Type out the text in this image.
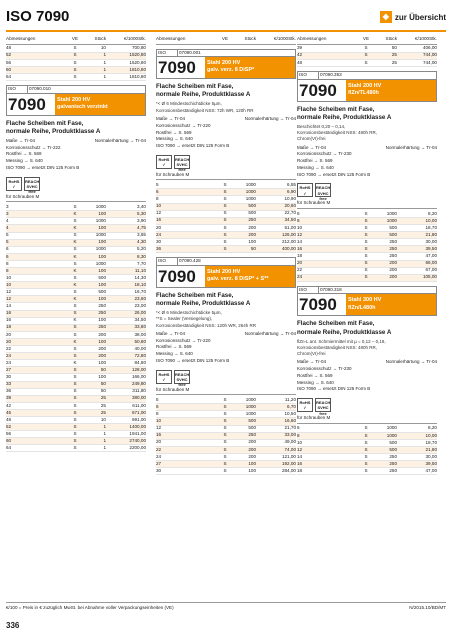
ISO 7090	◆ zur Übersicht
Abmessungen	VE	Stück	€/1000Stk.
48	S	10	700,80
52	S	1	1520,80
56	S	1	1520,80
60	S	1	1810,80
64	S	1	1810,80
ISO	07090.010
7090	Stahl 200 HV
galvanisch verzinkt
Flache Scheiben mit Fase,
normale Reihe, Produktklasse A
Maße → Tr-04	Normalerhärtung → Tr-04
Korrosionsschutz → Tr-222
Rostfrei → S. 569
Messing → S. 640
ISO 7090 → ersetzt DIN 125 Form B
RoHS ✓
REACH SVHC free
für Schrauben M
3	S	1000	3,40
3	K	100	5,30
4	S	1000	3,90
4	K	100	4,75
5	S	1000	3,65
5	K	100	4,30
6	S	1000	5,20
6	K	100	8,30
8	S	1000	7,70
8	K	100	11,10
10	S	500	14,30
10	K	100	18,10
12	S	500	16,70
12	K	100	23,60
14	S	250	23,00
16	S	250	26,00
16	K	100	34,50
18	S	250	33,80
20	S	200	38,00
20	K	100	50,80
22	S	200	40,00
24	S	200	72,80
24	K	100	84,80
27	S	50	128,00
30	S	100	166,00
33	S	50	249,80
36	S	50	311,80
39	S	25	380,00
42	S	25	611,00
45	S	25	671,00
48	S	10	691,00
52	S	1	1400,00
56	S	1	1941,00
60	S	1	2740,00
64	S	1	2200,00
Abmessungen	VE	Stück	€/1000Stk.
ISO	07090.001
7090	Stahl 200 HV
galv. verz. 8 DiSP*
Flache Scheiben mit Fase,
normale Reihe, Produktklasse A
*< Ø 6 Mindestschichtdicke 5µm,
Korrosionsbeständigkeit NSS: 72h WR, 120h RR
Maße → Tr-04	Normalerhärtung → Tr-04
Korrosionsschutz → Tr-220
Rostfrei → S. 569
Messing → S. 640
ISO 7090 → ersetzt DIN 125 Form B
RoHS ✓
REACH SVHC free
für Schrauben M
5	S	1000	6,55
6	S	1000	6,90
8	S	1000	10,90
10	S	500	20,60
12	S	500	22,70
16	S	250	34,50
20	S	200	51,00
24	S	200	126,00
30	S	100	212,00
36	S	50	400,00
ISO	07090.428
7090	Stahl 200 HV
galv. verz. 8 DiSP* + S**
Flache Scheiben mit Fase,
normale Reihe, Produktklasse A
*< Ø 6 Mindestschichtdicke 5µm,
**S = Sealer (Versiegelung),
Korrosionsbeständigkeit NSS: 120h WR, 264h RR
Maße → Tr-04	Normalerhärtung → Tr-04
Korrosionsschutz → Tr-220
Rostfrei → S. 569
Messing → S. 640
ISO 7090 → ersetzt DIN 125 Form B
RoHS ✓
REACH SVHC free
für Schrauben M
5	S	1000	11,20
6	S	1000	6,70
8	S	1000	10,50
10	S	500	16,60
12	S	500	21,70
16	S	250	33,00
20	S	200	49,00
22	S	200	74,00
24	S	200	121,00
27	S	100	192,00
30	S	100	284,00
Abmessungen	VE	Stück	€/1000Stk.
39	S	50	406,00
42	S	25	744,00
48	S	25	744,00
ISO	07090.353
7090	Stahl 200 HV
flZn/TL480h
Flache Scheiben mit Fase,
normale Reihe, Produktklasse A
Beschichtet 0,20 – 0,14,
Korrosionsbeständigkeit NSS: 480h RR,
Chrom(VI)-frei
Maße → Tr-04	Normalerhärtung → Tr-04
Korrosionsschutz → Tr-230
Rostfrei → S. 569
Messing → S. 640
ISO 7090 → ersetzt DIN 125 Form B
RoHS ✓
REACH SVHC free
für Schrauben M
6	S	1000	8,20
8	S	1000	10,00
10	S	500	18,70
12	S	500	21,80
14	S	250	30,00
16	S	250	39,50
18	S	250	47,00
20	S	200	66,00
22	S	200	67,00
24	S	200	105,00
ISO	07090.318
7090	Stahl 300 HV
flZn/L480h
Flache Scheiben mit Fase,
normale Reihe, Produktklasse A
flZn-L ant. Schmiermittel mit µ = 0,12 – 0,18,
Korrosionsbeständigkeit NSS: 480h RR,
Chrom(VI)-frei
Maße → Tr-04	Normalerhärtung → Tr-04
Korrosionsschutz → Tr-230
Rostfrei → S. 569
Messing → S. 640
ISO 7090 → ersetzt DIN 125 Form B
RoHS ✓
REACH SVHC free
für Schrauben M
6	S	1000	8,20
8	S	1000	10,00
10	S	500	18,70
12	S	500	21,80
14	S	250	30,00
16	S	250	39,50
18	S	250	47,00
€/100 = Preis in € zuzüglich MwSt. bei Abnahme voller Verpackungseinheiten (VE)	N/2015.10/BD/MT
336
